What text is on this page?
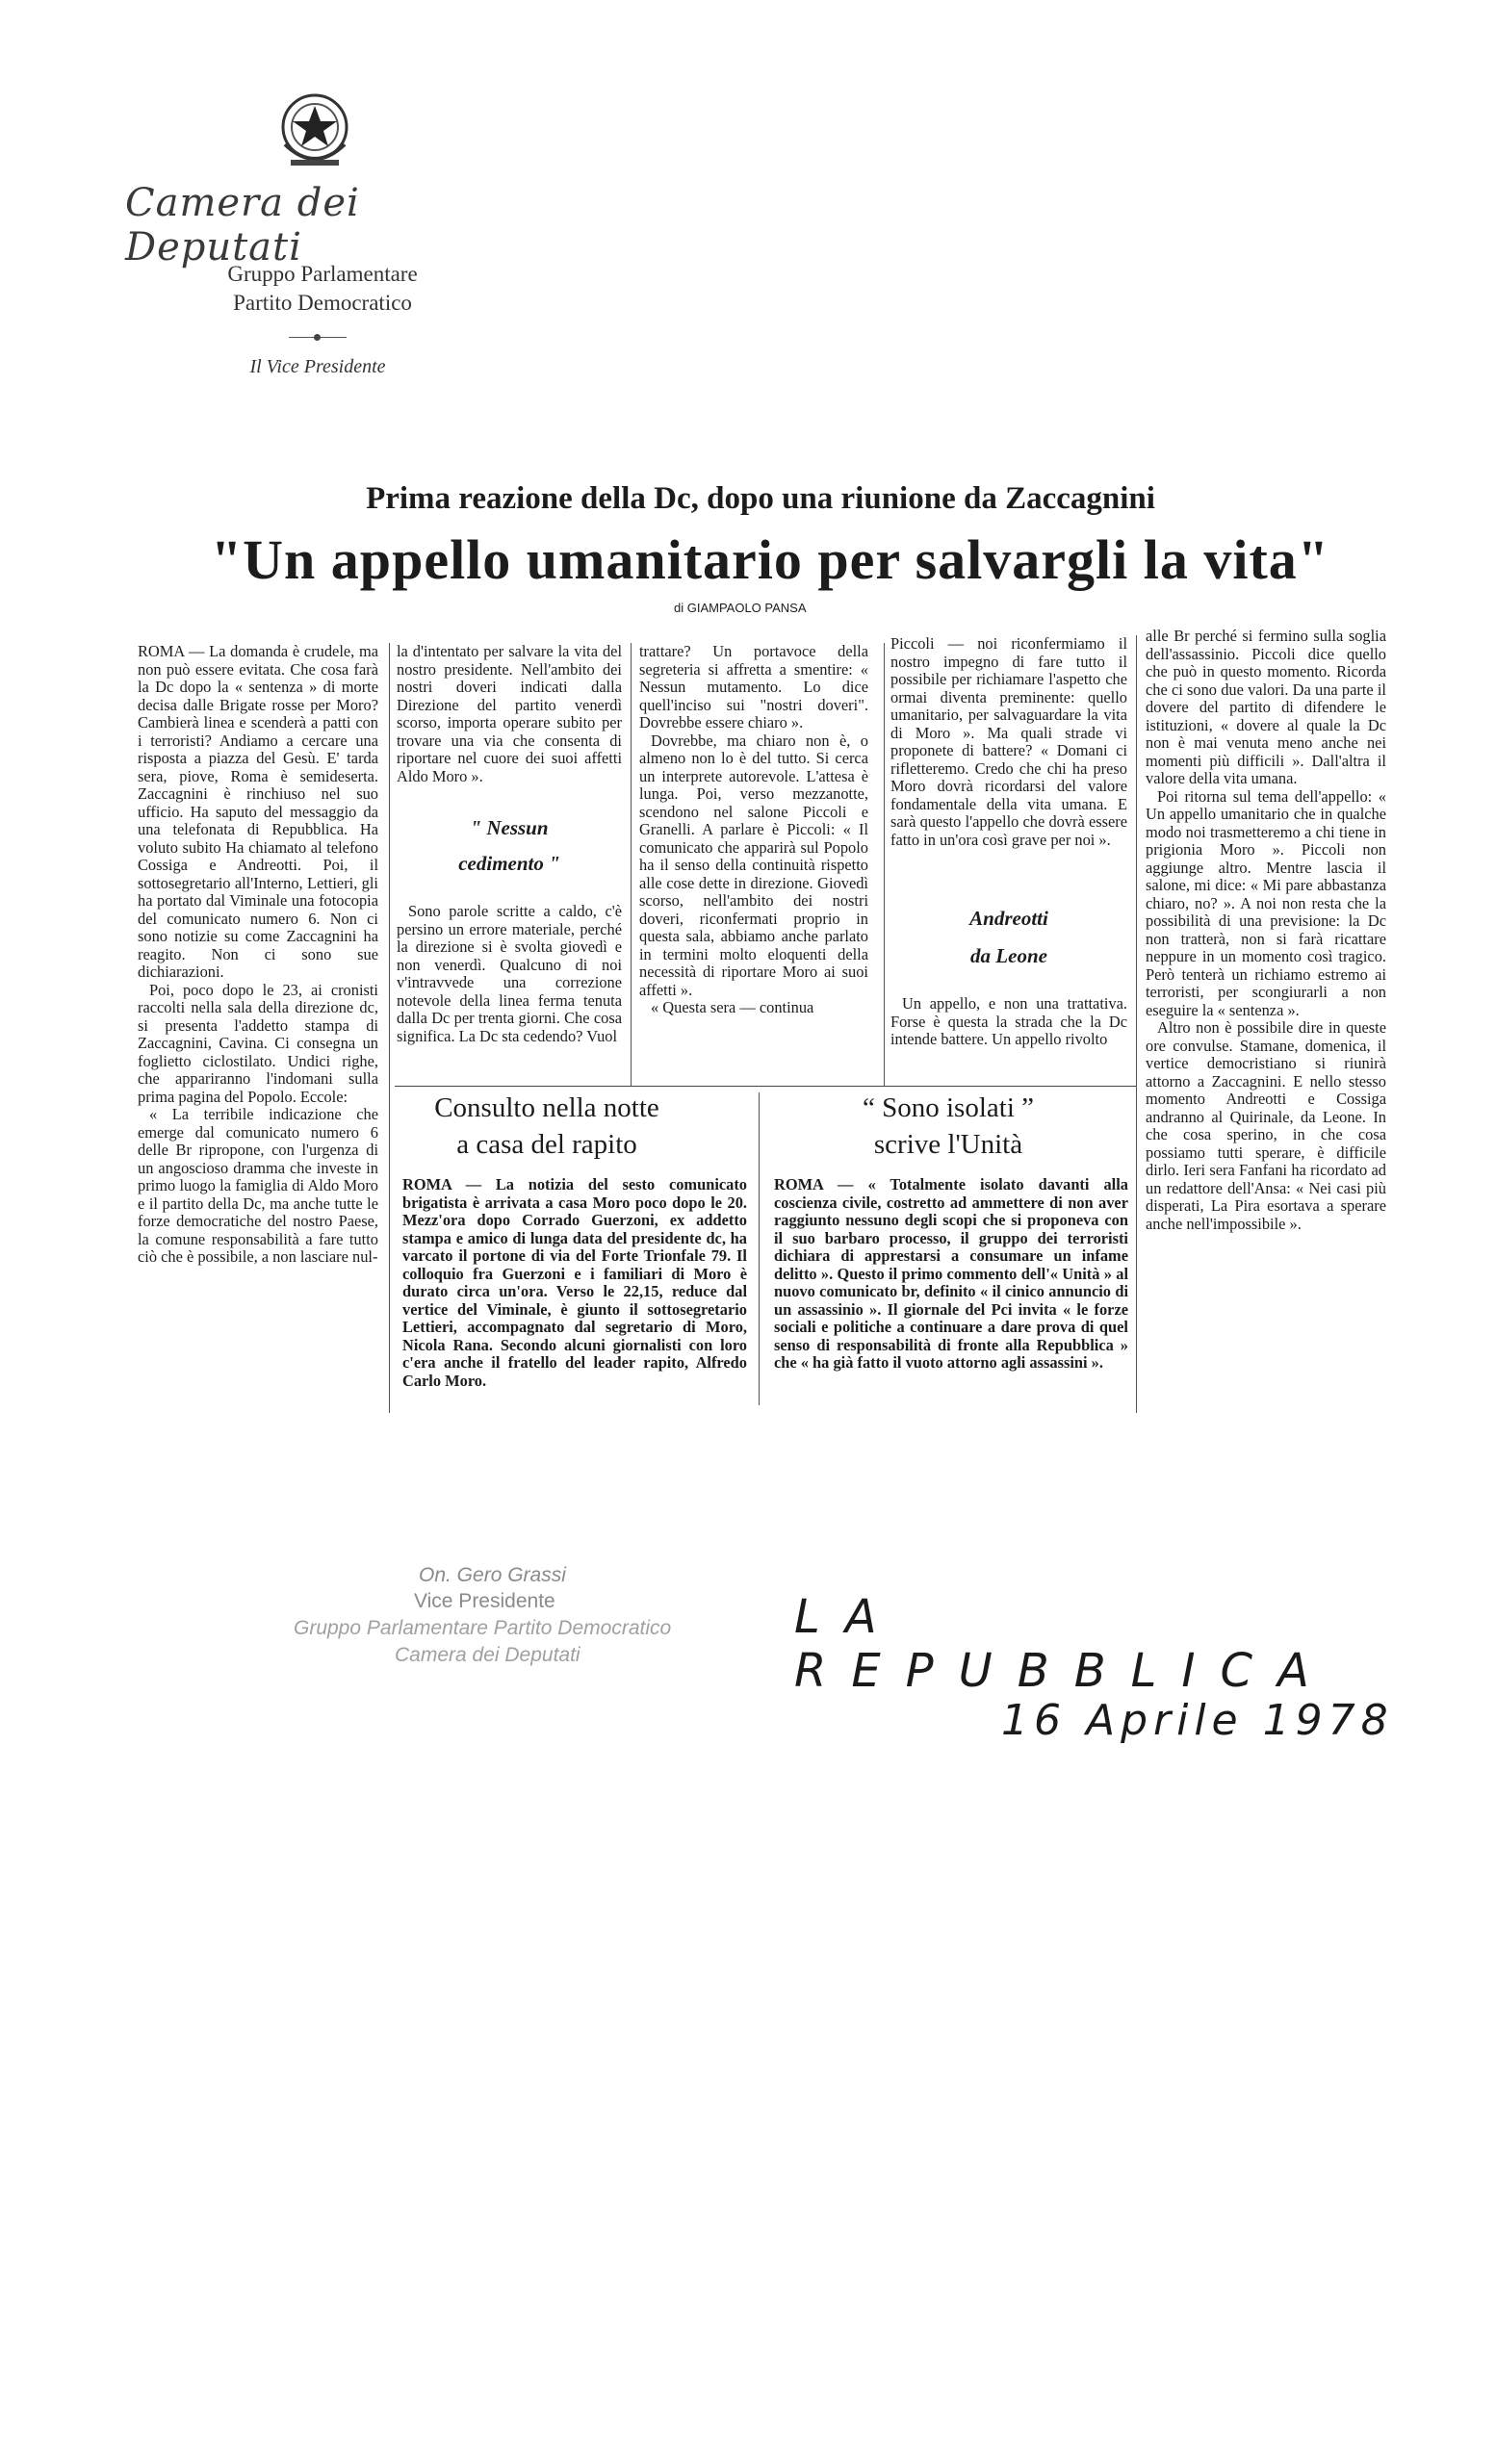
Camera dei Deputati
Gruppo Parlamentare
Partito Democratico
Il Vice Presidente
Prima reazione della Dc, dopo una riunione da Zaccagnini
"Un appello umanitario per salvargli la vita"
di GIAMPAOLO PANSA

ROMA — La domanda è crudele, ma non può essere evitata. Che cosa farà la Dc dopo la « sentenza » di morte decisa dalle Brigate rosse per Moro? Cambierà linea e scenderà a patti con i terroristi? Andiamo a cercare una risposta a piazza del Gesù. E' tarda sera, piove, Roma è semideserta. Zaccagnini è rinchiuso nel suo ufficio. Ha saputo del messaggio da una telefonata di Repubblica. Ha voluto subito Ha chiamato al telefono Cossiga e Andreotti. Poi, il sottosegretario all'Interno, Lettieri, gli ha portato dal Viminale una fotocopia del comunicato numero 6. Non ci sono notizie su come Zaccagnini ha reagito. Non ci sono sue dichiarazioni.

Poi, poco dopo le 23, ai cronisti raccolti nella sala della direzione dc, si presenta l'addetto stampa di Zaccagnini, Cavina. Ci consegna un foglietto ciclostilato. Undici righe, che appariranno l'indomani sulla prima pagina del Popolo. Eccole:

« La terribile indicazione che emerge dal comunicato numero 6 delle Br ripropone, con l'urgenza di un angoscioso dramma che investe in primo luogo la famiglia di Aldo Moro e il partito della Dc, ma anche tutte le forze democratiche del nostro Paese, la comune responsabilità a fare tutto ciò che è possibile, a non lasciare nul-

la d'intentato per salvare la vita del nostro presidente. Nell'ambito dei nostri doveri indicati dalla Direzione del partito venerdì scorso, importa operare subito per trovare una via che consenta di riportare nel cuore dei suoi affetti Aldo Moro ».

" Nessun
cedimento "

Sono parole scritte a caldo, c'è persino un errore materiale, perché la direzione si è svolta giovedì e non venerdì. Qualcuno di noi v'intravvede una correzione notevole della linea ferma tenuta dalla Dc per trenta giorni. Che cosa significa. La Dc sta cedendo? Vuol

trattare? Un portavoce della segreteria si affretta a smentire: « Nessun mutamento. Lo dice quell'inciso sui "nostri doveri". Dovrebbe essere chiaro ».

Dovrebbe, ma chiaro non è, o almeno non lo è del tutto. Si cerca un interprete autorevole. L'attesa è lunga. Poi, verso mezzanotte, scendono nel salone Piccoli e Granelli. A parlare è Piccoli: « Il comunicato che apparirà sul Popolo ha il senso della continuità rispetto alle cose dette in direzione. Giovedì scorso, nell'ambito dei nostri doveri, riconfermati proprio in questa sala, abbiamo anche parlato in termini molto eloquenti della necessità di riportare Moro ai suoi affetti ».

« Questa sera — continua

Piccoli — noi riconfermiamo il nostro impegno di fare tutto il possibile per richiamare l'aspetto che ormai diventa preminente: quello umanitario, per salvaguardare la vita di Moro ». Ma quali strade vi proponete di battere? « Domani ci rifletteremo. Credo che chi ha preso Moro dovrà ricordarsi del valore fondamentale della vita umana. E sarà questo l'appello che dovrà essere fatto in un'ora così grave per noi ».

Andreotti
da Leone

Un appello, e non una trattativa. Forse è questa la strada che la Dc intende battere. Un appello rivolto

alle Br perché si fermino sulla soglia dell'assassinio. Piccoli dice quello che può in questo momento. Ricorda che ci sono due valori. Da una parte il dovere del partito di difendere le istituzioni, « dovere al quale la Dc non è mai venuta meno anche nei momenti più difficili ». Dall'altra il valore della vita umana.

Poi ritorna sul tema dell'appello: « Un appello umanitario che in qualche modo noi trasmetteremo a chi tiene in prigionia Moro ». Piccoli non aggiunge altro. Mentre lascia il salone, mi dice: « Mi pare abbastanza chiaro, no? ». A noi non resta che la possibilità di una previsione: la Dc non tratterà, non si farà ricattare neppure in un momento così tragico. Però tenterà un richiamo estremo ai terroristi, per scongiurarli a non eseguire la « sentenza ».

Altro non è possibile dire in queste ore convulse. Stamane, domenica, il vertice democristiano si riunirà attorno a Zaccagnini. E nello stesso momento Andreotti e Cossiga andranno al Quirinale, da Leone. In che cosa sperino, in che cosa possiamo tutti sperare, è difficile dirlo. Ieri sera Fanfani ha ricordato ad un redattore dell'Ansa: « Nei casi più disperati, La Pira esortava a sperare anche nell'impossibile ».

Consulto nella notte
a casa del rapito
ROMA — La notizia del sesto comunicato brigatista è arrivata a casa Moro poco dopo le 20. Mezz'ora dopo Corrado Guerzoni, ex addetto stampa e amico di lunga data del presidente dc, ha varcato il portone di via del Forte Trionfale 79. Il colloquio fra Guerzoni e i familiari di Moro è durato circa un'ora. Verso le 22,15, reduce dal vertice del Viminale, è giunto il sottosegretario Lettieri, accompagnato dal segretario di Moro, Nicola Rana. Secondo alcuni giornalisti con loro c'era anche il fratello del leader rapito, Alfredo Carlo Moro.
“ Sono isolati ”
scrive l'Unità
ROMA — « Totalmente isolato davanti alla coscienza civile, costretto ad ammettere di non aver raggiunto nessuno degli scopi che si proponeva con il suo barbaro processo, il gruppo dei terroristi dichiara di apprestarsi a consumare un infame delitto ». Questo il primo commento dell'« Unità » al nuovo comunicato br, definito « il cinico annuncio di un assassinio ». Il giornale del Pci invita « le forze sociali e politiche a continuare a dare prova di quel senso di responsabilità di fronte alla Repubblica » che « ha già fatto il vuoto attorno agli assassini ».
On. Gero Grassi
Vice Presidente
Gruppo Parlamentare Partito Democratico
Camera dei Deputati
LA REPUBBLICA
16 Aprile 1978
